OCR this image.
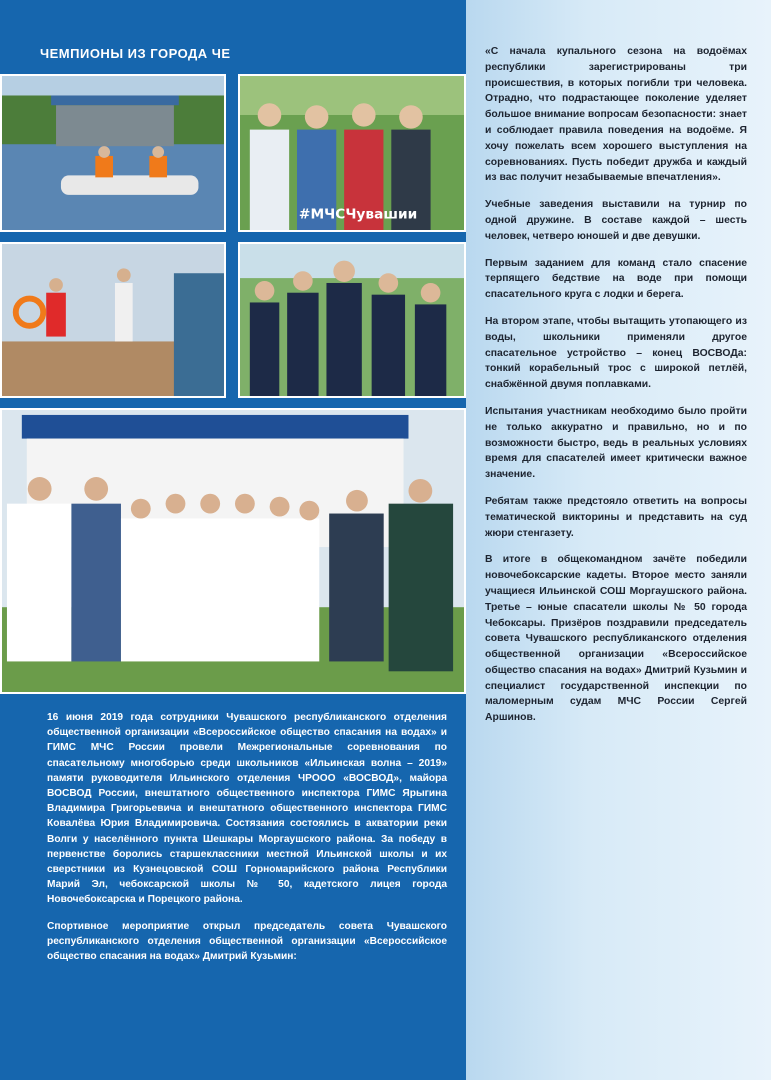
ЧЕМПИОНЫ ИЗ ГОРОДА ЧЕ
#МЧСЧувашии

16 июня 2019 года сотрудники Чувашского республиканского отделения общественной организации «Всероссийское общество спасания на водах» и ГИМС МЧС России провели Межрегиональные соревнования по спасательному многоборью среди школьников «Ильинская волна – 2019» памяти руководителя Ильинского отделения ЧРООО «ВОСВОД», майора ВОСВОД России, внештатного общественного инспектора ГИМС Ярыгина Владимира Григорьевича и внештатного общественного инспектора ГИМС Ковалёва Юрия Владимировича. Состязания состоялись в акватории реки Волги у населённого пункта Шешкары Моргаушского района. За победу в первенстве боролись старшеклассники местной Ильинской школы и их сверстники из Кузнецовской СОШ Горномарийского района Республики Марий Эл, чебоксарской школы № 50, кадетского лицея города Новочебоксарска и Порецкого района.

Спортивное мероприятие открыл председатель совета Чувашского республиканского отделения общественной организации «Всероссийское общество спасания на водах» Дмитрий Кузьмин:

«С начала купального сезона на водоёмах республики зарегистрированы три происшествия, в которых погибли три человека. Отрадно, что подрастающее поколение уделяет большое внимание вопросам безопасности: знает и соблюдает правила поведения на водоёме. Я хочу пожелать всем хорошего выступления на соревнованиях. Пусть победит дружба и каждый из вас получит незабываемые впечатления».

Учебные заведения выставили на турнир по одной дружине. В составе каждой – шесть человек, четверо юношей и две девушки.

Первым заданием для команд стало спасение терпящего бедствие на воде при помощи спасательного круга с лодки и берега.

На втором этапе, чтобы вытащить утопающего из воды, школьники применяли другое спасательное устройство – конец ВОСВОДа: тонкий корабельный трос с широкой петлёй, снабжённой двумя поплавками.

Испытания участникам необходимо было пройти не только аккуратно и правильно, но и по возможности быстро, ведь в реальных условиях время для спасателей имеет критически важное значение.

Ребятам также предстояло ответить на вопросы тематической викторины и представить на суд жюри стенгазету.

В итоге в общекомандном зачёте победили новочебоксарские кадеты. Второе место заняли учащиеся Ильинской СОШ Моргаушского района. Третье – юные спасатели школы № 50 города Чебоксары. Призёров поздравили председатель совета Чувашского республиканского отделения общественной организации «Всероссийское общество спасания на водах» Дмитрий Кузьмин и специалист государственной инспекции по маломерным судам МЧС России Сергей Аршинов.
